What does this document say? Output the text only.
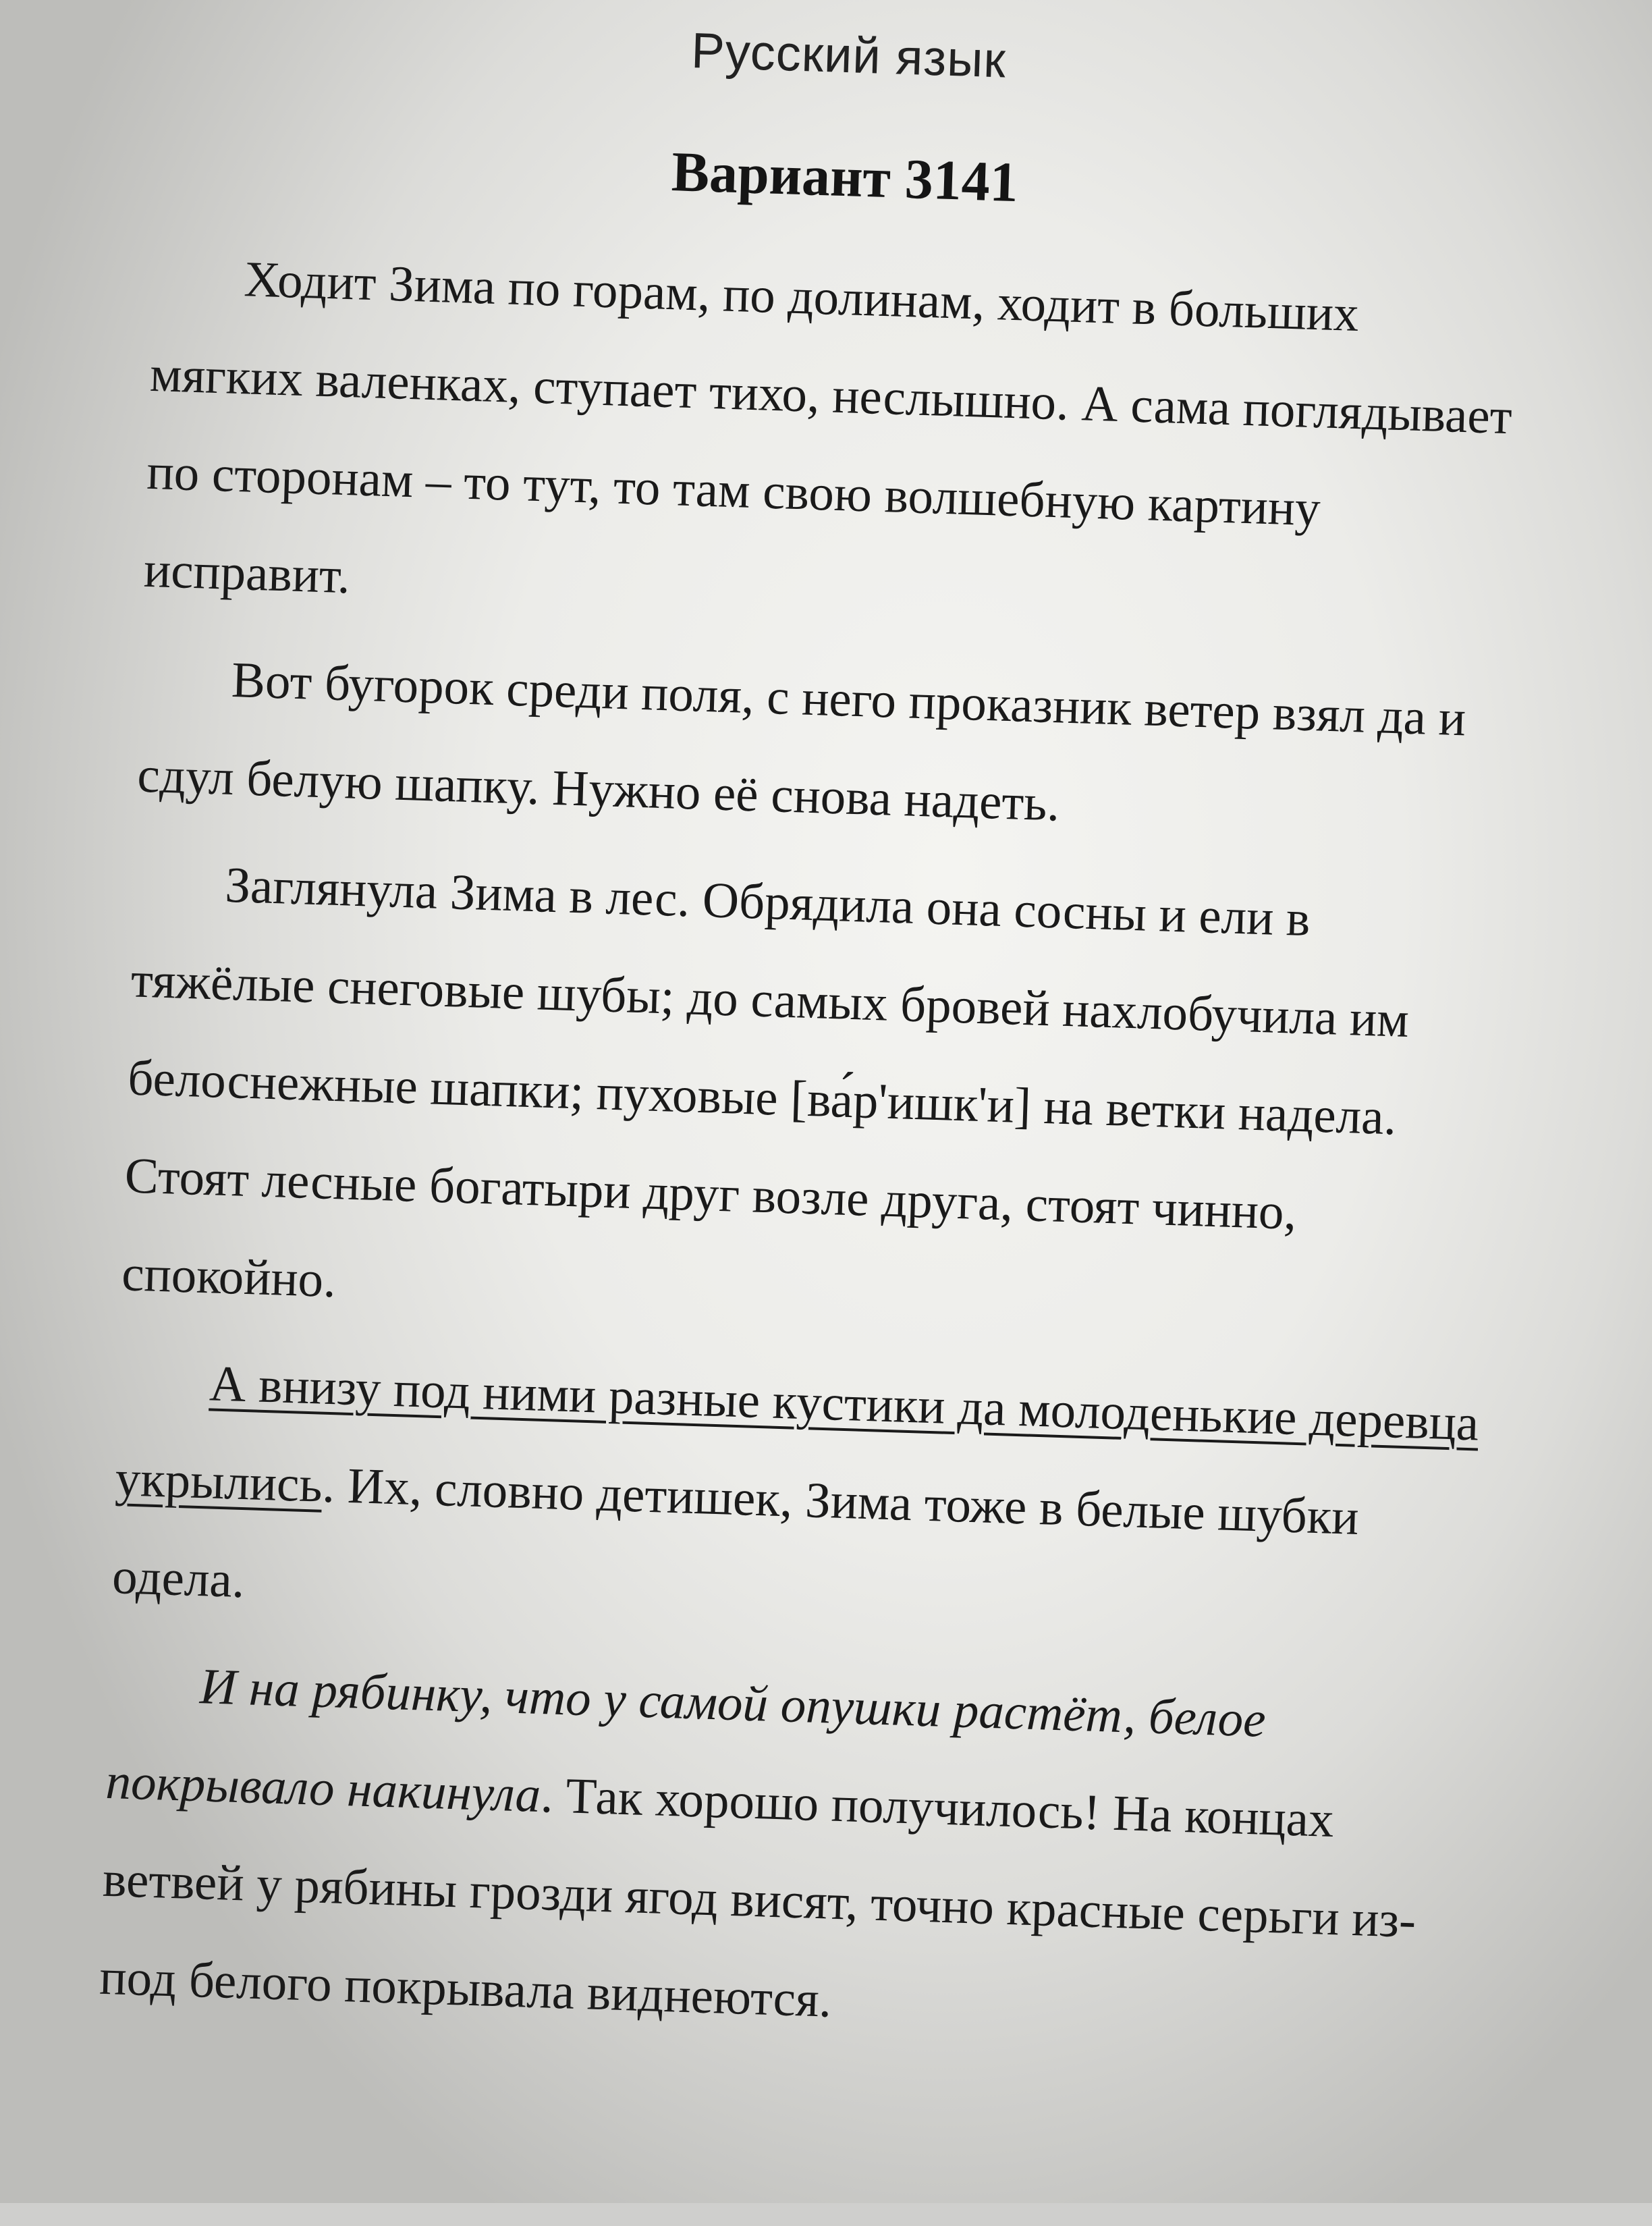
Русский язык
Вариант 3141

Ходит Зима по горам, по долинам, ходит в больших мягких валенках, ступает тихо, неслышно. А сама поглядывает по сторонам – то тут, то там свою волшебную картину исправит.

Вот бугорок среди поля, с него проказник ветер взял да и сдул белую шапку. Нужно её снова надеть.

Заглянула Зима в лес. Обрядила она сосны и ели в тяжёлые снеговые шубы; до самых бровей нахлобучила им белоснежные шапки; пуховые [ва́р'ишк'и] на ветки надела. Стоят лесные богатыри друг возле друга, стоят чинно, спокойно.

А внизу под ними разные кустики да молоденькие деревца укрылись. Их, словно детишек, Зима тоже в белые шубки одела.

И на рябинку, что у самой опушки растёт, белое покрывало накинула. Так хорошо получилось! На концах ветвей у рябины грозди ягод висят, точно красные серьги из-под белого покрывала виднеются.
